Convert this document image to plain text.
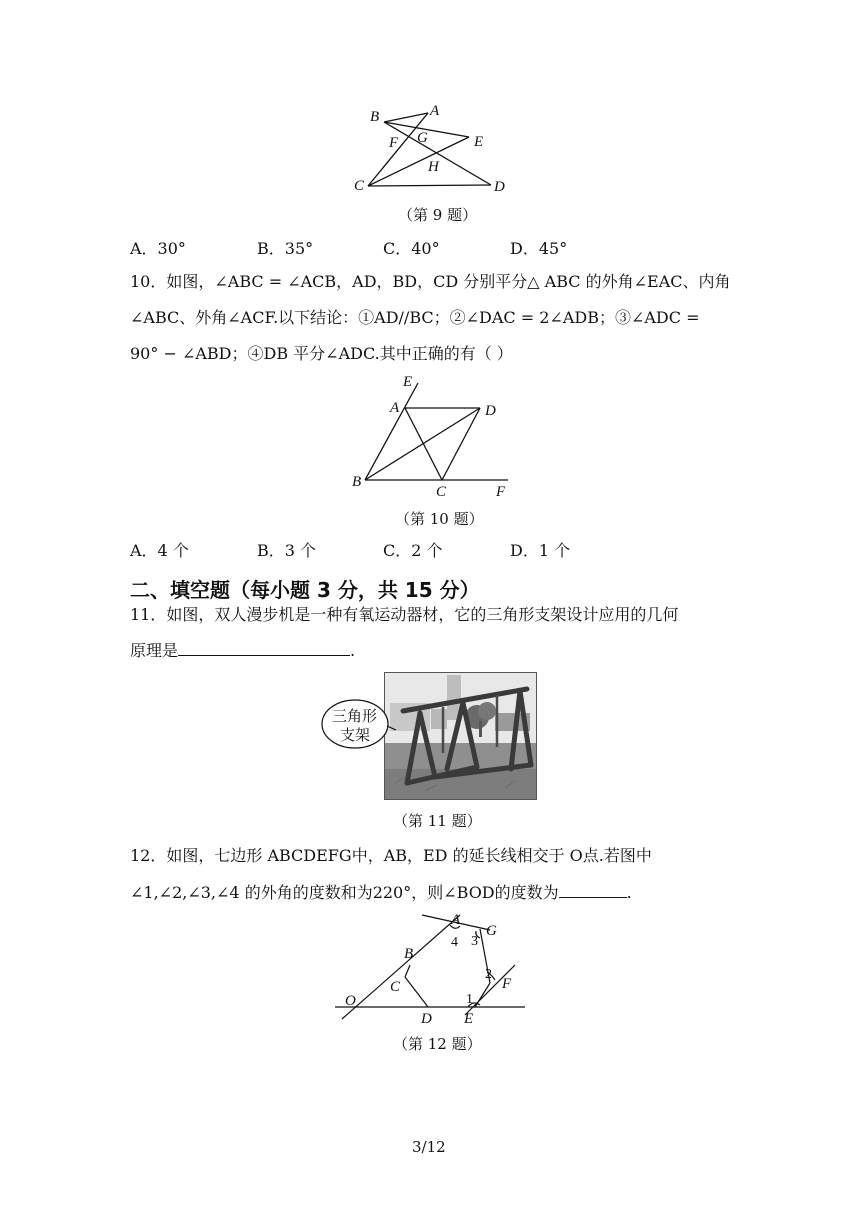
A
B
G	E
F
H
C	D
（第 9 题）
A．30°	B．35°	C．40°	D．45°
10．如图，∠ABC = ∠ACB，AD，BD，CD 分别平分△ ABC 的外角∠EAC、内角
∠ABC、外角∠ACF.以下结论：①AD//BC；②∠DAC = 2∠ADB；③∠ADC =
90° − ∠ABD；④DB 平分∠ADC.其中正确的有（ ）
E
A	D
B
C	F
（第 10 题）
A．4 个	B．3 个	C．2 个	D．1 个
二、填空题（每小题 3 分，共 15 分）
11．如图，双人漫步机是一种有氧运动器材，它的三角形支架设计应用的几何
原理是	.
三角形
支架
（第 11 题）
12．如图，七边形 ABCDEFG中，AB，ED 的延长线相交于 O点.若图中
∠1,∠2,∠3,∠4 的外角的度数和为220°，则∠BOD的度数为	.
A
G
B
C
O
D E
F
1
2
3
4
（第 12 题）
3/12
